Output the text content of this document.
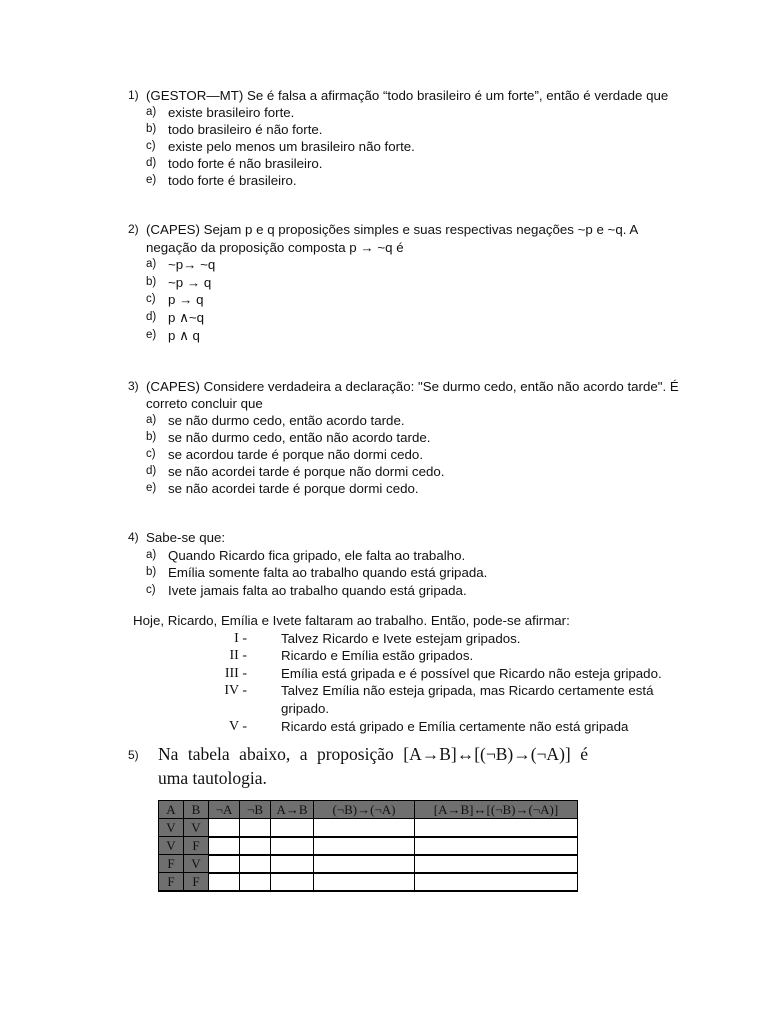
1) (GESTOR—MT) Se é falsa a afirmação “todo brasileiro é um forte”, então é verdade que
a) existe brasileiro forte.
b) todo brasileiro é não forte.
c) existe pelo menos um brasileiro não forte.
d) todo forte é não brasileiro.
e) todo forte é brasileiro.
2) (CAPES) Sejam p e q proposições simples e suas respectivas negações ~p e ~q. A negação da proposição composta p → ~q é
a) ~p→ ~q
b) ~p → q
c) p → q
d) p ∧~q
e) p ∧ q
3) (CAPES) Considere verdadeira a declaração: "Se durmo cedo, então não acordo tarde". É correto concluir que
a) se não durmo cedo, então acordo tarde.
b) se não durmo cedo, então não acordo tarde.
c) se acordou tarde é porque não dormi cedo.
d) se não acordei tarde é porque não dormi cedo.
e) se não acordei tarde é porque dormi cedo.
4) Sabe-se que:
a) Quando Ricardo fica gripado, ele falta ao trabalho.
b) Emília somente falta ao trabalho quando está gripada.
c) Ivete jamais falta ao trabalho quando está gripada.
Hoje, Ricardo, Emília e Ivete faltaram ao trabalho. Então, pode-se afirmar:
I -	Talvez Ricardo e Ivete estejam gripados.
II -	Ricardo e Emília estão gripados.
III -	Emília está gripada e é possível que Ricardo não esteja gripado.
IV -	Talvez Emília não esteja gripada, mas Ricardo certamente está gripado.
V -	Ricardo está gripado e Emília certamente não está gripada
5)	Na tabela abaixo, a proposição [A→B]↔[(¬B)→(¬A)] é uma tautologia.
A	B	¬A	¬B	A→B	(¬B)→(¬A)	[A→B]↔[(¬B)→(¬A)]
V	V					
V	F					
F	V					
F	F					
